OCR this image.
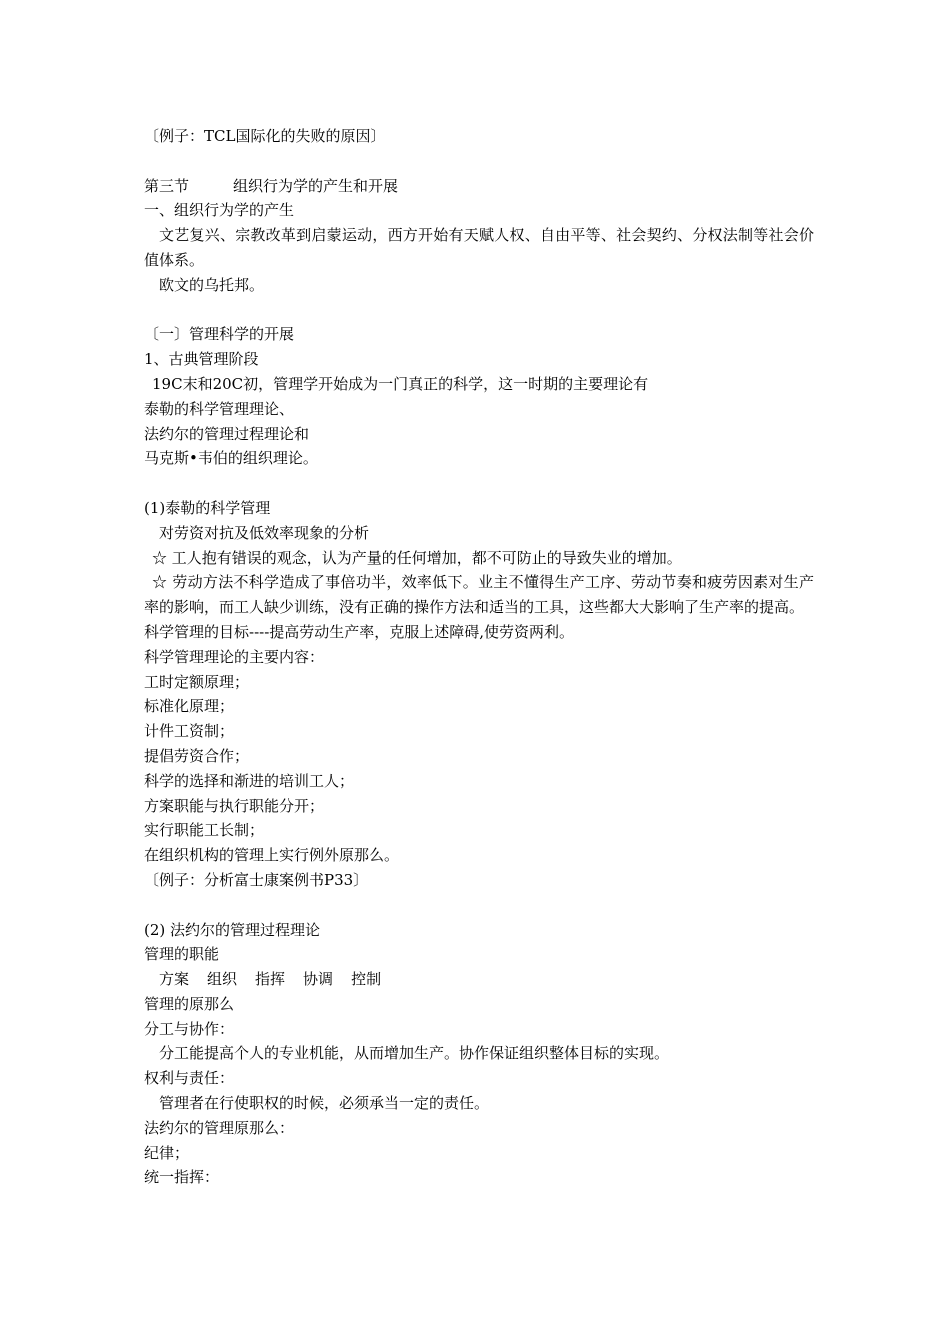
〔例子：TCL国际化的失败的原因〕
第三节	组织行为学的产生和开展
一、组织行为学的产生
文艺复兴、宗教改革到启蒙运动，西方开始有天赋人权、自由平等、社会契约、分权法制等社会价值体系。
欧文的乌托邦。
〔一〕管理科学的开展
1、古典管理阶段
19C末和20C初，管理学开始成为一门真正的科学，这一时期的主要理论有
泰勒的科学管理理论、
法约尔的管理过程理论和
马克斯•韦伯的组织理论。
(1)泰勒的科学管理
对劳资对抗及低效率现象的分析
☆ 工人抱有错误的观念，认为产量的任何增加，都不可防止的导致失业的增加。
☆ 劳动方法不科学造成了事倍功半，效率低下。业主不懂得生产工序、劳动节奏和疲劳因素对生产率的影响，而工人缺少训练，没有正确的操作方法和适当的工具，这些都大大影响了生产率的提高。
科学管理的目标----提高劳动生产率，克服上述障碍,使劳资两利。
科学管理理论的主要内容：
工时定额原理；
标准化原理；
计件工资制；
提倡劳资合作；
科学的选择和渐进的培训工人；
方案职能与执行职能分开；
实行职能工长制；
在组织机构的管理上实行例外原那么。
〔例子：分析富士康案例书P33〕
(2) 法约尔的管理过程理论
管理的职能
方案 组织 指挥 协调 控制
管理的原那么
分工与协作：
分工能提高个人的专业机能，从而增加生产。协作保证组织整体目标的实现。
权利与责任：
管理者在行使职权的时候，必须承当一定的责任。
法约尔的管理原那么：
纪律；
统一指挥：
